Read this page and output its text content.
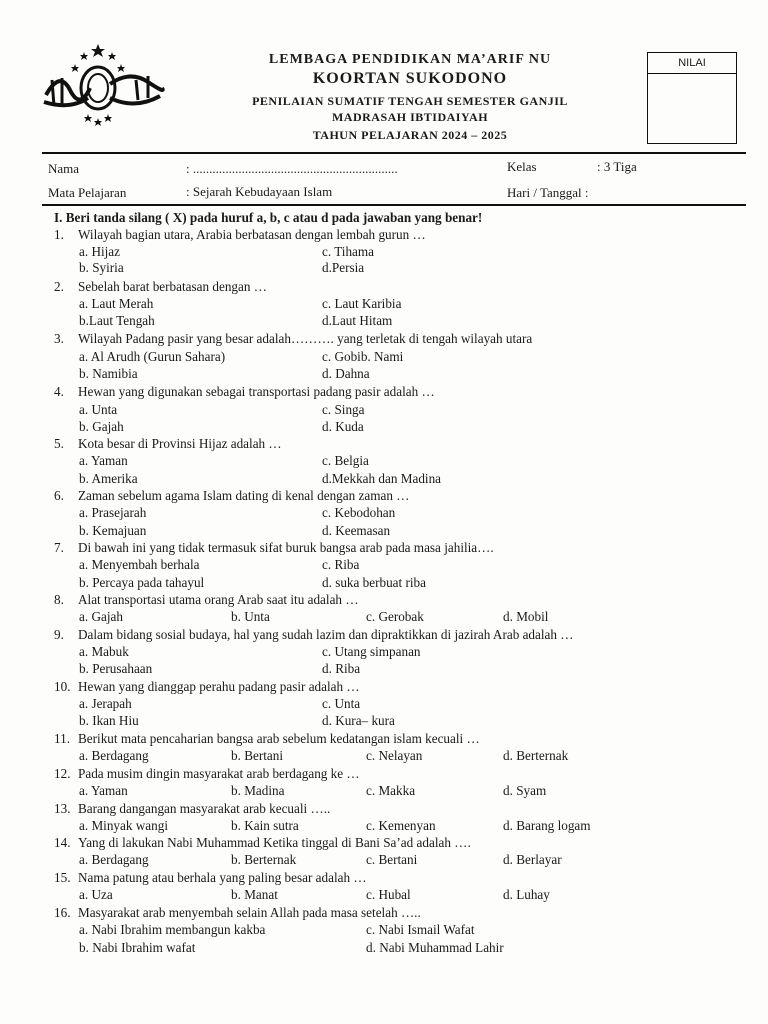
LEMBAGA PENDIDIKAN MA’ARIF NU
KOORTAN SUKODONO
PENILAIAN SUMATIF TENGAH SEMESTER GANJIL
MADRASAH IBTIDAIYAH
TAHUN PELAJARAN 2024 – 2025
NILAI
Nama	: ...............................................................	Kelas	: 3 Tiga
Mata Pelajaran	: Sejarah Kebudayaan Islam	Hari / Tanggal :
I. Beri tanda silang ( X) pada huruf a, b, c atau d pada jawaban yang benar!
1. Wilayah bagian utara, Arabia berbatasan dengan lembah gurun …
a. Hijaz	c. Tihama
b. Syiria	d.Persia
2. Sebelah barat berbatasan dengan …
a. Laut Merah	c. Laut Karibia
b.Laut Tengah	d.Laut Hitam
3. Wilayah Padang pasir yang besar adalah………. yang terletak di tengah wilayah utara
a. Al Arudh (Gurun Sahara)	c. Gobib. Nami
b. Namibia	d. Dahna
4. Hewan yang digunakan sebagai transportasi padang pasir adalah …
a. Unta	c. Singa
b. Gajah	d. Kuda
5. Kota besar di Provinsi Hijaz adalah …
a. Yaman	c. Belgia
b. Amerika	d.Mekkah dan Madina
6. Zaman sebelum agama Islam dating di kenal dengan zaman …
a. Prasejarah	c. Kebodohan
b. Kemajuan	d. Keemasan
7. Di bawah ini yang tidak termasuk sifat buruk bangsa arab pada masa jahilia….
a. Menyembah berhala	c. Riba
b. Percaya pada tahayul	d. suka berbuat riba
8. Alat transportasi utama orang Arab saat itu adalah …
a. Gajah	b. Unta	c. Gerobak	d. Mobil
9. Dalam bidang sosial budaya, hal yang sudah lazim dan dipraktikkan di jazirah Arab adalah …
a. Mabuk	c. Utang simpanan
b. Perusahaan	d. Riba
10. Hewan yang dianggap perahu padang pasir adalah …
a. Jerapah	c. Unta
b. Ikan Hiu	d. Kura– kura
11. Berikut mata pencaharian bangsa arab sebelum kedatangan islam kecuali …
a. Berdagang	b. Bertani	c. Nelayan	d. Berternak
12. Pada musim dingin masyarakat arab berdagang ke …
a. Yaman	b. Madina	c. Makka	d. Syam
13. Barang dangangan masyarakat arab kecuali …..
a. Minyak wangi	b. Kain sutra	c. Kemenyan	d. Barang logam
14. Yang di lakukan Nabi Muhammad Ketika tinggal di Bani Sa’ad adalah ….
a. Berdagang	b. Berternak	c. Bertani	d. Berlayar
15. Nama patung atau berhala yang paling besar adalah …
a. Uza	b. Manat	c. Hubal	d. Luhay
16. Masyarakat arab menyembah selain Allah pada masa setelah …..
a. Nabi Ibrahim membangun kakba	c. Nabi Ismail Wafat
b. Nabi Ibrahim wafat	d. Nabi Muhammad Lahir
